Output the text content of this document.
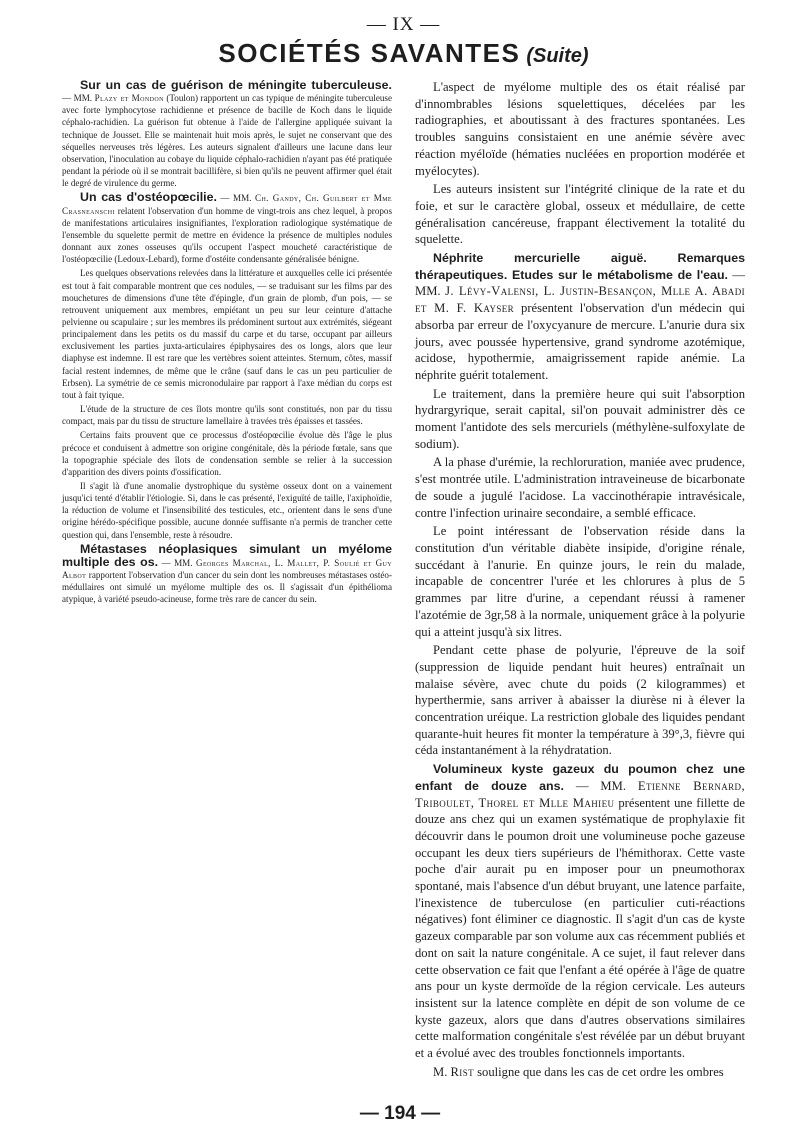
— IX —
SOCIÉTÉS SAVANTES (Suite)

Sur un cas de guérison de méningite tuberculeuse. — MM. Plazy et Mondon (Toulon) rapportent un cas typique de méningite tuberculeuse avec forte lymphocytose rachidienne et présence de bacille de Koch dans le liquide céphalo-rachidien. La guérison fut obtenue à l'aide de l'allergine appliquée suivant la technique de Jousset. Elle se maintenait huit mois après, le sujet ne conservant que des séquelles nerveuses très légères. Les auteurs signalent d'ailleurs une lacune dans leur observation, l'inoculation au cobaye du liquide céphalo-rachidien n'ayant pas été pratiquée pendant la période où il se montrait bacillifère, si bien qu'ils ne peuvent affirmer quel était le degré de virulence du germe.

Un cas d'ostéopœcilie. — MM. Ch. Gandy, Ch. Guilbert et Mme Crasneanschi relatent l'observation d'un homme de vingt-trois ans chez lequel, à propos de manifestations articulaires insignifiantes, l'exploration radiologique systématique de l'ensemble du squelette permit de mettre en évidence la présence de multiples nodules donnant aux zones osseuses qu'ils occupent l'aspect moucheté caractéristique de l'ostéopœcilie (Ledoux-Lebard), forme d'ostéite condensante généralisée bénigne.

Les quelques observations relevées dans la littérature et auxquelles celle ici présentée est tout à fait comparable montrent que ces nodules, — se traduisant sur les films par des mouchetures de dimensions d'une tête d'épingle, d'un grain de plomb, d'un pois, — se retrouvent uniquement aux membres, empiétant un peu sur leur ceinture d'attache pelvienne ou scapulaire ; sur les membres ils prédominent surtout aux extrémités, siégeant principalement dans les petits os du massif du carpe et du tarse, occupant par ailleurs exclusivement les parties juxta-articulaires épiphysaires des os longs, alors que leur diaphyse est indemne. Il est rare que les vertèbres soient atteintes. Sternum, côtes, massif facial restent indemnes, de même que le crâne (sauf dans le cas un peu particulier de Erbsen). La symétrie de ce semis micronodulaire par rapport à l'axe médian du corps est tout à fait tyique.

L'étude de la structure de ces îlots montre qu'ils sont constitués, non par du tissu compact, mais par du tissu de structure lamellaire à travées très épaisses et tassées.

Certains faits prouvent que ce processus d'ostéopœcilie évolue dès l'âge le plus précoce et conduisent à admettre son origine congénitale, dès la période fœtale, sans que la topographie spéciale des îlots de condensation semble se relier à la succession d'apparition des divers points d'ossification.

Il s'agit là d'une anomalie dystrophique du système osseux dont on a vainement jusqu'ici tenté d'établir l'étiologie. Si, dans le cas présenté, l'exiguïté de taille, l'axiphoïdie, la réduction de volume et l'insensibilité des testicules, etc., orientent dans le sens d'une origine hérédo-spécifique possible, aucune donnée suffisante n'a permis de trancher cette question qui, dans l'ensemble, reste à résoudre.

Métastases néoplasiques simulant un myélome multiple des os. — MM. Georges Marchal, L. Mallet, P. Soulié et Guy Albot rapportent l'observation d'un cancer du sein dont les nombreuses métastases ostéo-médullaires ont simulé un myélome multiple des os. Il s'agissait d'un épithélioma atypique, à variété pseudo-acineuse, forme très rare de cancer du sein.

L'aspect de myélome multiple des os était réalisé par d'innombrables lésions squelettiques, décelées par les radiographies, et aboutissant à des fractures spontanées. Les troubles sanguins consistaient en une anémie sévère avec réaction myéloïde (hématies nucléées en proportion modérée et myélocytes).

Les auteurs insistent sur l'intégrité clinique de la rate et du foie, et sur le caractère global, osseux et médullaire, de cette généralisation cancéreuse, frappant électivement la totalité du squelette.

Néphrite mercurielle aiguë. Remarques thérapeutiques. Etudes sur le métabolisme de l'eau. — MM. J. Lévy-Valensi, L. Justin-Besançon, Mlle A. Abadi et M. F. Kayser présentent l'observation d'un médecin qui absorba par erreur de l'oxycyanure de mercure. L'anurie dura six jours, avec poussée hypertensive, grand syndrome azotémique, acidose, hypothermie, amaigrissement rapide anémie. La néphrite guérit totalement.

Le traitement, dans la première heure qui suit l'absorption hydrargyrique, serait capital, sil'on pouvait administrer dès ce moment l'antidote des sels mercuriels (méthylène-sulfoxylate de sodium).

A la phase d'urémie, la rechloruration, maniée avec prudence, s'est montrée utile. L'administration intraveineuse de bicarbonate de soude a jugulé l'acidose. La vaccinothérapie intravésicale, contre l'infection urinaire secondaire, a semblé efficace.

Le point intéressant de l'observation réside dans la constitution d'un véritable diabète insipide, d'origine rénale, succédant à l'anurie. En quinze jours, le rein du malade, incapable de concentrer l'urée et les chlorures à plus de 5 grammes par litre d'urine, a cependant réussi à ramener l'azotémie de 3gr,58 à la normale, uniquement grâce à la polyurie qui a atteint jusqu'à six litres.

Pendant cette phase de polyurie, l'épreuve de la soif (suppression de liquide pendant huit heures) entraînait un malaise sévère, avec chute du poids (2 kilogrammes) et hyperthermie, sans arriver à abaisser la diurèse ni à élever la concentration uréique. La restriction globale des liquides pendant quarante-huit heures fit monter la température à 39°,3, fièvre qui céda instantanément à la réhydratation.

Volumineux kyste gazeux du poumon chez une enfant de douze ans. — MM. Etienne Bernard, Triboulet, Thorel et Mlle Mahieu présentent une fillette de douze ans chez qui un examen systématique de prophylaxie fit découvrir dans le poumon droit une volumineuse poche gazeuse occupant les deux tiers supérieurs de l'hémithorax. Cette vaste poche d'air aurait pu en imposer pour un pneumothorax spontané, mais l'absence d'un début bruyant, une latence parfaite, l'inexistence de tuberculose (en particulier cuti-réactions négatives) font éliminer ce diagnostic. Il s'agit d'un cas de kyste gazeux comparable par son volume aux cas récemment publiés et dont on sait la nature congénitale. A ce sujet, il faut relever dans cette observation ce fait que l'enfant a été opérée à l'âge de quatre ans pour un kyste dermoïde de la région cervicale. Les auteurs insistent sur la latence complète en dépit de son volume de ce kyste gazeux, alors que dans d'autres observations similaires cette malformation congénitale s'est révélée par un début bruyant et a évolué avec des troubles fonctionnels importants.

M. Rist souligne que dans les cas de cet ordre les ombres

— 194 —
